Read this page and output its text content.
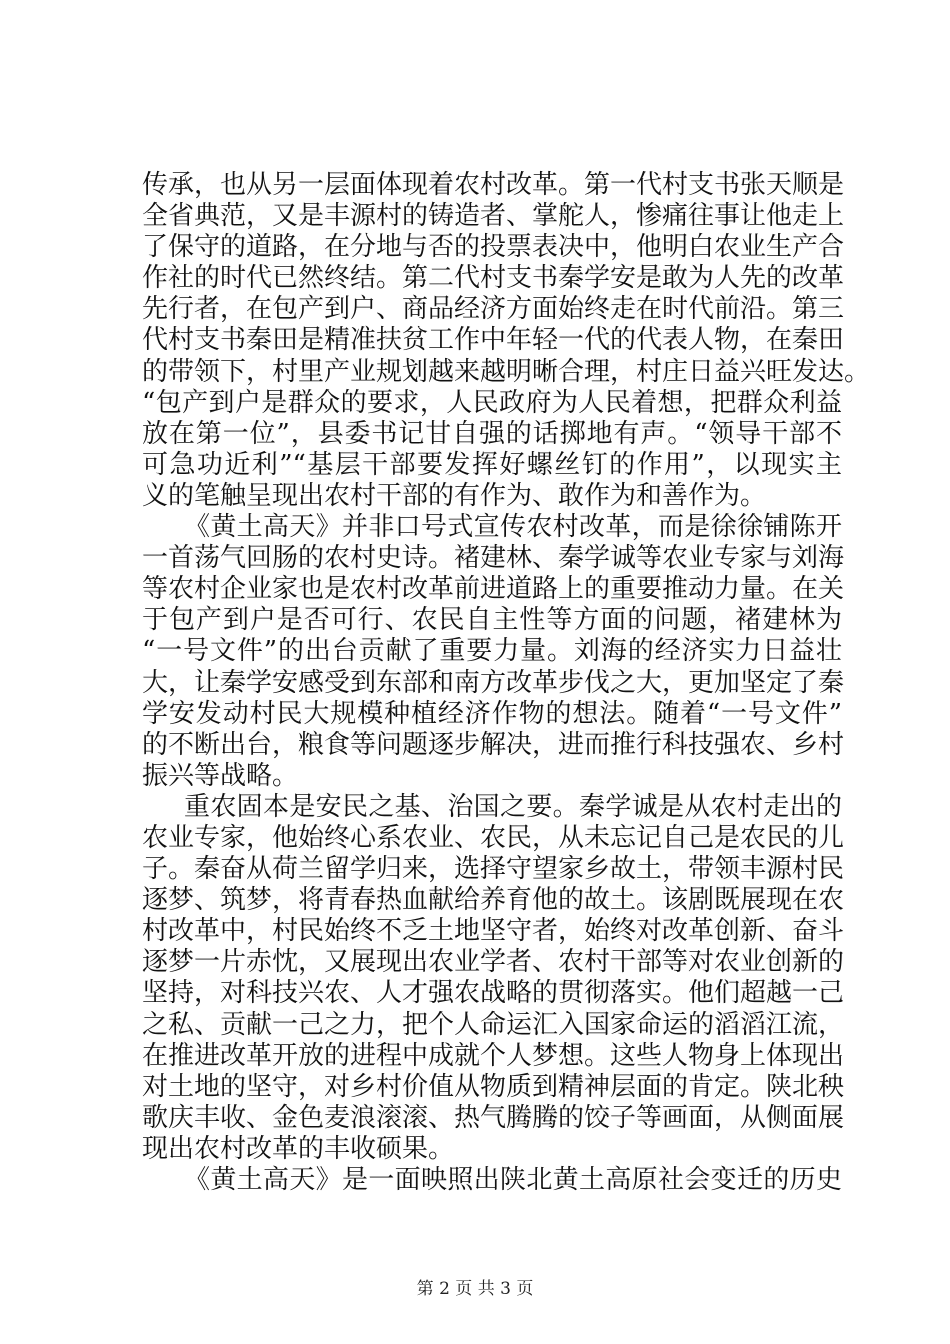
传承，也从另一层面体现着农村改革。第一代村支书张天顺是
全省典范，又是丰源村的铸造者、掌舵人，惨痛往事让他走上
了保守的道路，在分地与否的投票表决中，他明白农业生产合
作社的时代已然终结。第二代村支书秦学安是敢为人先的改革
先行者，在包产到户、商品经济方面始终走在时代前沿。第三
代村支书秦田是精准扶贫工作中年轻一代的代表人物，在秦田
的带领下，村里产业规划越来越明晰合理，村庄日益兴旺发达。
“包产到户是群众的要求，人民政府为人民着想，把群众利益
放在第一位”，县委书记甘自强的话掷地有声。“领导干部不
可急功近利”“基层干部要发挥好螺丝钉的作用”，以现实主
义的笔触呈现出农村干部的有作为、敢作为和善作为。
《黄土高天》并非口号式宣传农村改革，而是徐徐铺陈开
一首荡气回肠的农村史诗。褚建林、秦学诚等农业专家与刘海
等农村企业家也是农村改革前进道路上的重要推动力量。在关
于包产到户是否可行、农民自主性等方面的问题，褚建林为
“一号文件”的出台贡献了重要力量。刘海的经济实力日益壮
大，让秦学安感受到东部和南方改革步伐之大，更加坚定了秦
学安发动村民大规模种植经济作物的想法。随着“一号文件”
的不断出台，粮食等问题逐步解决，进而推行科技强农、乡村
振兴等战略。
重农固本是安民之基、治国之要。秦学诚是从农村走出的
农业专家，他始终心系农业、农民，从未忘记自己是农民的儿
子。秦奋从荷兰留学归来，选择守望家乡故土，带领丰源村民
逐梦、筑梦，将青春热血献给养育他的故土。该剧既展现在农
村改革中，村民始终不乏土地坚守者，始终对改革创新、奋斗
逐梦一片赤忱，又展现出农业学者、农村干部等对农业创新的
坚持，对科技兴农、人才强农战略的贯彻落实。他们超越一己
之私、贡献一己之力，把个人命运汇入国家命运的滔滔江流，
在推进改革开放的进程中成就个人梦想。这些人物身上体现出
对土地的坚守，对乡村价值从物质到精神层面的肯定。陕北秧
歌庆丰收、金色麦浪滚滚、热气腾腾的饺子等画面，从侧面展
现出农村改革的丰收硕果。
《黄土高天》是一面映照出陕北黄土高原社会变迁的历史
第 2 页 共 3 页
